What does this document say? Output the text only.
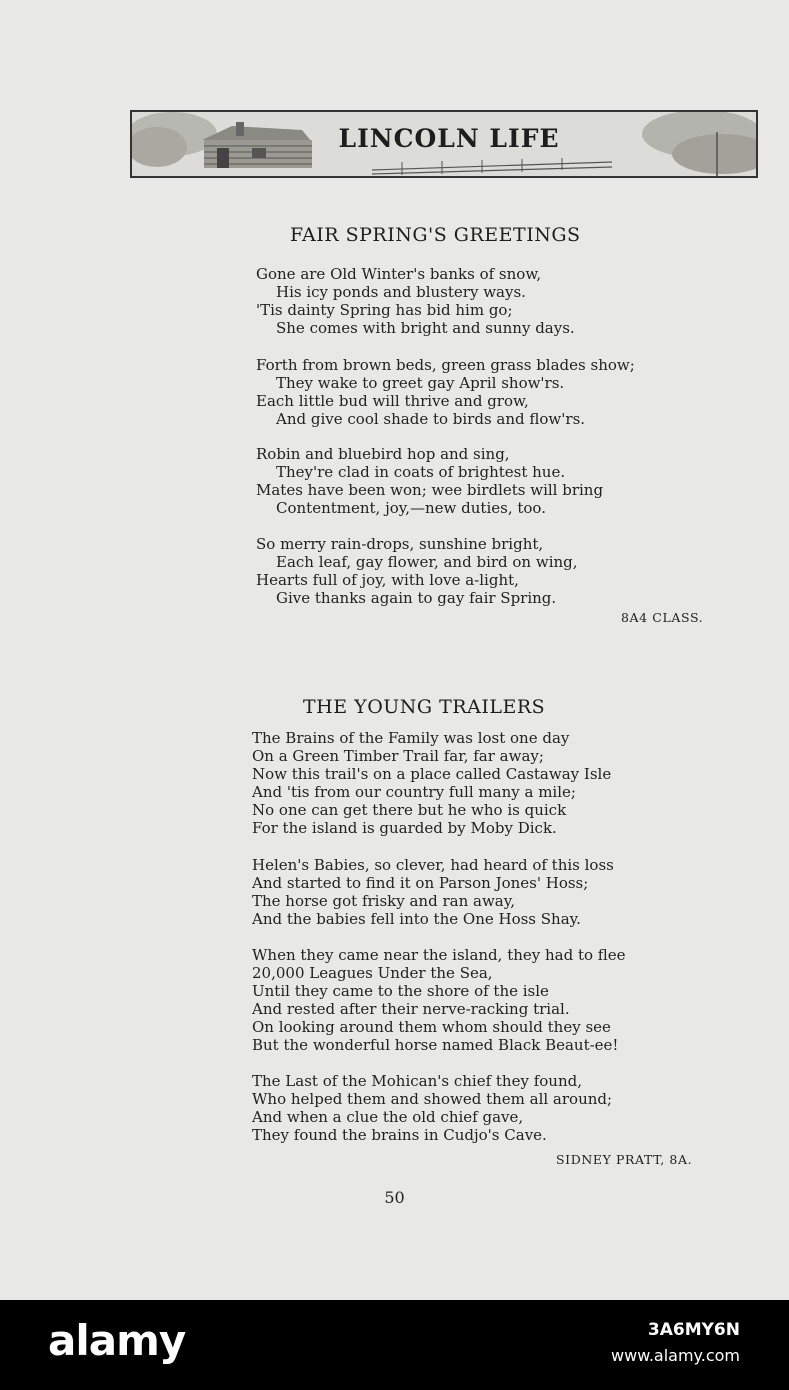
LINCOLN LIFE
FAIR SPRING'S GREETINGS
Gone are Old Winter's banks of snow,
His icy ponds and blustery ways.
'Tis dainty Spring has bid him go;
She comes with bright and sunny days.
Forth from brown beds, green grass blades show;
They wake to greet gay April show'rs.
Each little bud will thrive and grow,
And give cool shade to birds and flow'rs.
Robin and bluebird hop and sing,
They're clad in coats of brightest hue.
Mates have been won; wee birdlets will bring
Contentment, joy,—new duties, too.
So merry rain-drops, sunshine bright,
Each leaf, gay flower, and bird on wing,
Hearts full of joy, with love a-light,
Give thanks again to gay fair Spring.
8A4 CLASS.
THE YOUNG TRAILERS
The Brains of the Family was lost one day
On a Green Timber Trail far, far away;
Now this trail's on a place called Castaway Isle
And 'tis from our country full many a mile;
No one can get there but he who is quick
For the island is guarded by Moby Dick.
Helen's Babies, so clever, had heard of this loss
And started to find it on Parson Jones' Hoss;
The horse got frisky and ran away,
And the babies fell into the One Hoss Shay.
When they came near the island, they had to flee
20,000 Leagues Under the Sea,
Until they came to the shore of the isle
And rested after their nerve-racking trial.
On looking around them whom should they see
But the wonderful horse named Black Beaut-ee!
The Last of the Mohican's chief they found,
Who helped them and showed them all around;
And when a clue the old chief gave,
They found the brains in Cudjo's Cave.
SIDNEY PRATT, 8A.
50
alamy	3A6MY6N
www.alamy.com
